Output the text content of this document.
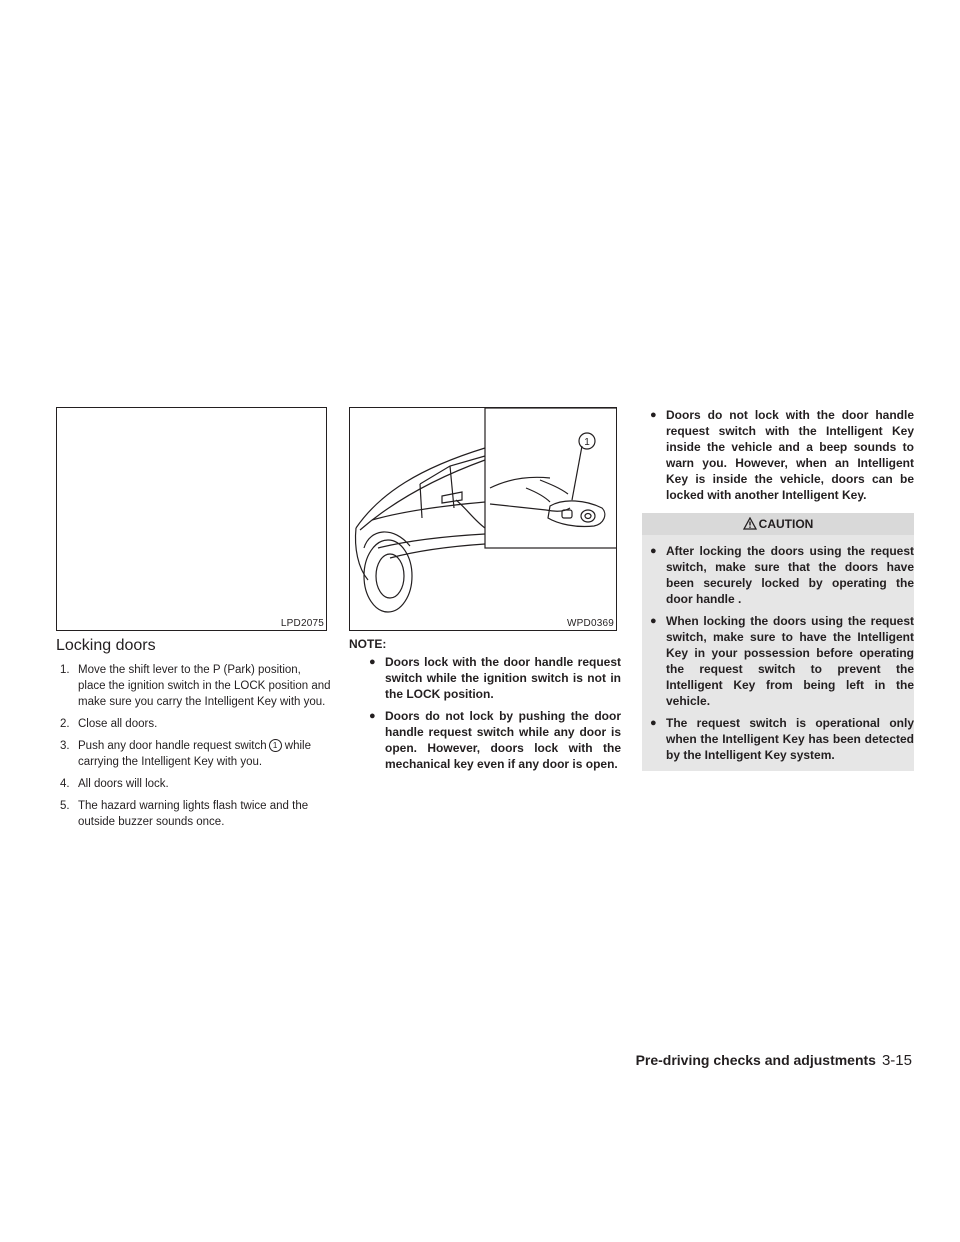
LPD2075
1
WPD0369
Locking doors
1. Move the shift lever to the P (Park) position, place the ignition switch in the LOCK position and make sure you carry the Intelligent Key with you.
2. Close all doors.
3. Push any door handle request switch 1 while carrying the Intelligent Key with you.
4. All doors will lock.
5. The hazard warning lights flash twice and the outside buzzer sounds once.
NOTE:
● Doors lock with the door handle request switch while the ignition switch is not in the LOCK position.
● Doors do not lock by pushing the door handle request switch while any door is open. However, doors lock with the mechanical key even if any door is open.
● Doors do not lock with the door handle request switch with the Intelligent Key inside the vehicle and a beep sounds to warn you. However, when an Intelligent Key is inside the vehicle, doors can be locked with another Intelligent Key.
CAUTION
● After locking the doors using the request switch, make sure that the doors have been securely locked by operating the door handle .
● When locking the doors using the request switch, make sure to have the Intelligent Key in your possession before operating the request switch to prevent the Intelligent Key from being left in the vehicle.
● The request switch is operational only when the Intelligent Key has been detected by the Intelligent Key system.
Pre-driving checks and adjustments 3-15
